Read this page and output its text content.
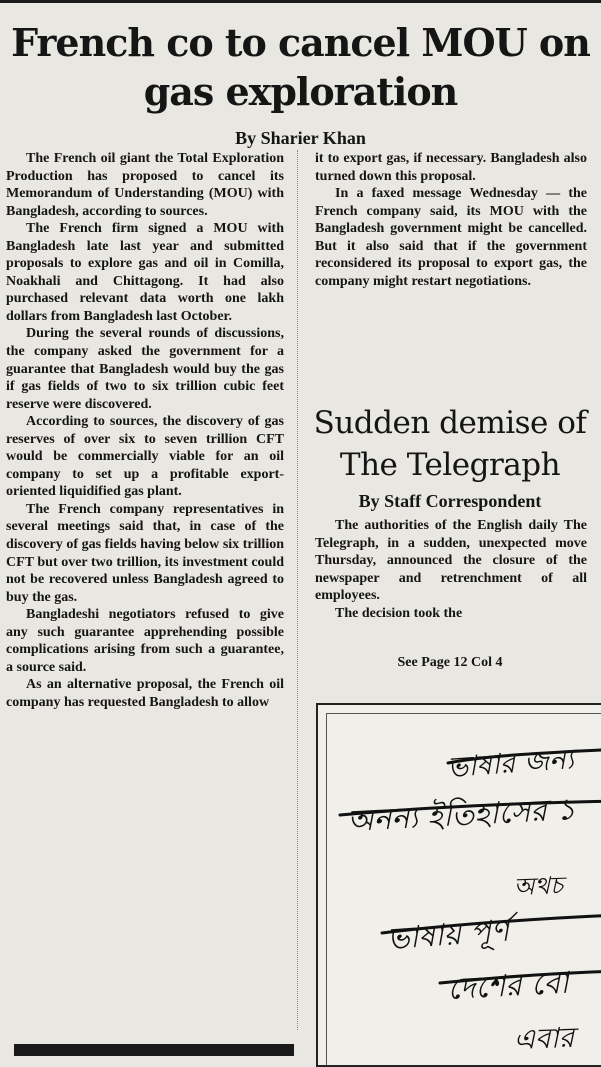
French co to cancel MOU on gas exploration
By Sharier Khan

The French oil giant the Total Exploration Production has proposed to cancel its Memorandum of Understanding (MOU) with Bangladesh, according to sources.

The French firm signed a MOU with Bangladesh late last year and submitted proposals to explore gas and oil in Comilla, Noakhali and Chittagong. It had also purchased relevant data worth one lakh dollars from Bangladesh last October.

During the several rounds of discussions, the company asked the government for a guarantee that Bangladesh would buy the gas if gas fields of two to six trillion cubic feet reserve were discovered.

According to sources, the discovery of gas reserves of over six to seven trillion CFT would be commercially viable for an oil company to set up a profitable export-oriented liquidified gas plant.

The French company representatives in several meetings said that, in case of the discovery of gas fields having below six trillion CFT but over two trillion, its investment could not be recovered unless Bangladesh agreed to buy the gas.

Bangladeshi negotiators refused to give any such guarantee apprehending possible complications arising from such a guarantee, a source said.

As an alternative proposal, the French oil company has requested Bangladesh to allow

it to export gas, if necessary. Bangladesh also turned down this proposal.

In a faxed message Wednesday — the French company said, its MOU with the Bangladesh government might be cancelled. But it also said that if the government reconsidered its proposal to export gas, the company might restart negotiations.

Sudden demise of The Telegraph
By Staff Correspondent

The authorities of the English daily The Telegraph, in a sudden, unexpected move Thursday, announced the closure of the newspaper and retrenchment of all employees.

The decision took the

See Page 12 Col 4
ভাষার জন্য
অনন্য ইতিহাসের ১
অথচ
ভাষায় পূর্ণ
দেশের বো
এবার
